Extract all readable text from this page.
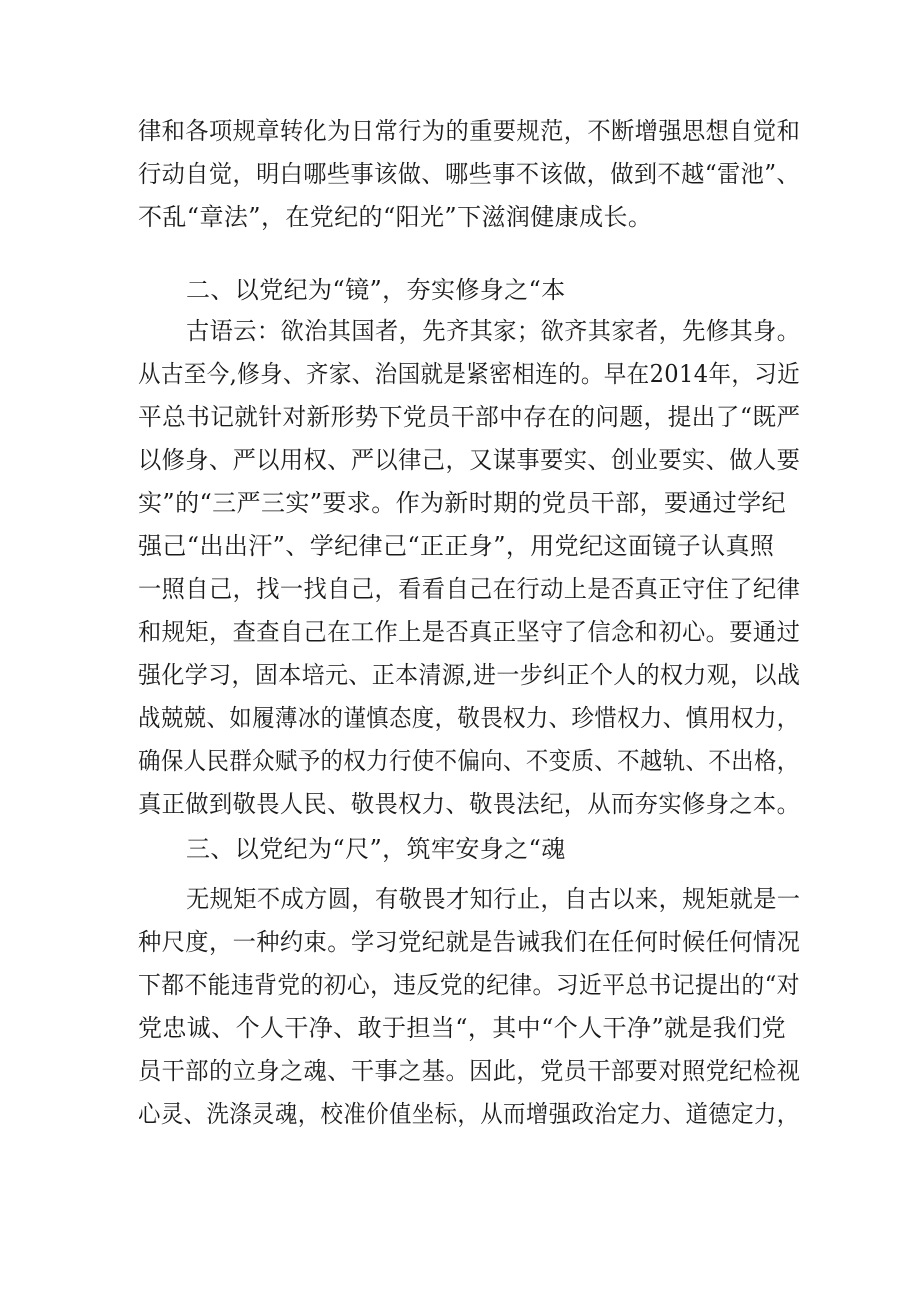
律和各项规章转化为日常行为的重要规范，不断增强思想自觉和
行动自觉，明白哪些事该做、哪些事不该做，做到不越“雷池”、
不乱“章法”，在党纪的“阳光”下滋润健康成长。
二、以党纪为“镜”，夯实修身之“本
古语云：欲治其国者，先齐其家；欲齐其家者，先修其身。
从古至今,修身、齐家、治国就是紧密相连的。早在2014年，习近
平总书记就针对新形势下党员干部中存在的问题，提出了“既严
以修身、严以用权、严以律己，又谋事要实、创业要实、做人要
实”的“三严三实”要求。作为新时期的党员干部，要通过学纪
强己“出出汗”、学纪律己“正正身”，用党纪这面镜子认真照
一照自己，找一找自己，看看自己在行动上是否真正守住了纪律
和规矩，查查自己在工作上是否真正坚守了信念和初心。要通过
强化学习，固本培元、正本清源,进一步纠正个人的权力观，以战
战兢兢、如履薄冰的谨慎态度，敬畏权力、珍惜权力、慎用权力，
确保人民群众赋予的权力行使不偏向、不变质、不越轨、不出格，
真正做到敬畏人民、敬畏权力、敬畏法纪，从而夯实修身之本。
三、以党纪为“尺”，筑牢安身之“魂
无规矩不成方圆，有敬畏才知行止，自古以来，规矩就是一
种尺度，一种约束。学习党纪就是告诫我们在任何时候任何情况
下都不能违背党的初心，违反党的纪律。习近平总书记提出的“对
党忠诚、个人干净、敢于担当“，其中“个人干净”就是我们党
员干部的立身之魂、干事之基。因此，党员干部要对照党纪检视
心灵、洗涤灵魂，校准价值坐标，从而增强政治定力、道德定力，
